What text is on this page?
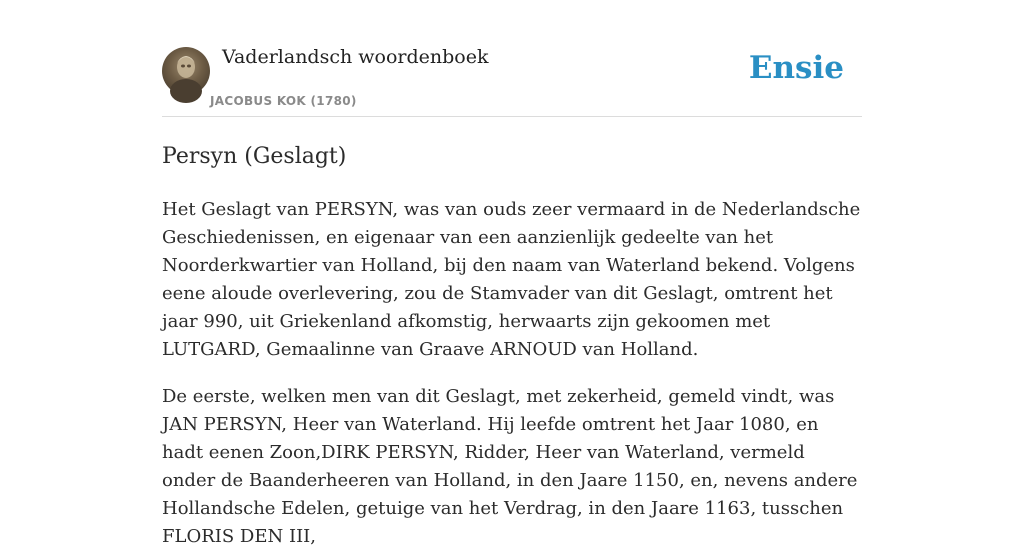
Vaderlandsch woordenboek
JACOBUS KOK (1780)
Ensie
Persyn (Geslagt)

Het Geslagt van PERSYN, was van ouds zeer vermaard in de Nederlandsche Geschiedenissen, en eigenaar van een aanzienlijk gedeelte van het Noorderkwartier van Holland, bij den naam van Waterland bekend. Volgens eene aloude overlevering, zou de Stamvader van dit Geslagt, omtrent het jaar 990, uit Griekenland afkomstig, herwaarts zijn gekoomen met LUTGARD, Gemaalinne van Graave ARNOUD van Holland.

De eerste, welken men van dit Geslagt, met zekerheid, gemeld vindt, was JAN PERSYN, Heer van Waterland. Hij leefde omtrent het Jaar 1080, en hadt eenen Zoon,DIRK PERSYN, Ridder, Heer van Waterland, vermeld onder de Baanderheeren van Holland, in den Jaare 1150, en, nevens andere Hollandsche Edelen, getuige van het Verdrag, in den Jaare 1163, tusschen FLORIS DEN III,
